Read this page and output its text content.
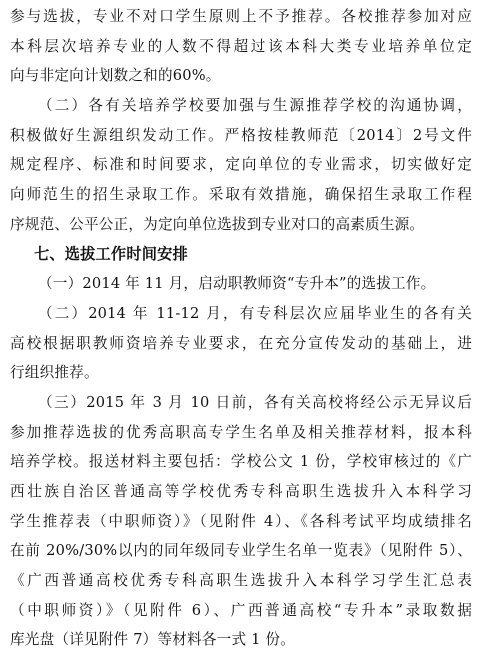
参与选拔，专业不对口学生原则上不予推荐。各校推荐参加对应
本科层次培养专业的人数不得超过该本科大类专业培养单位定
向与非定向计划数之和的60%。
（二）各有关培养学校要加强与生源推荐学校的沟通协调，
积极做好生源组织发动工作。严格按桂教师范〔2014〕2号文件
规定程序、标准和时间要求，定向单位的专业需求，切实做好定
向师范生的招生录取工作。采取有效措施，确保招生录取工作程
序规范、公平公正，为定向单位选拔到专业对口的高素质生源。
七、选拔工作时间安排
（一）2014 年 11 月，启动职教师资“专升本”的选拔工作。
（二）2014 年 11-12 月，有专科层次应届毕业生的各有关
高校根据职教师资培养专业要求，在充分宣传发动的基础上，进
行组织推荐。
（三）2015 年 3 月 10 日前，各有关高校将经公示无异议后
参加推荐选拔的优秀高职高专学生名单及相关推荐材料，报本科
培养学校。报送材料主要包括：学校公文 1 份，学校审核过的《广
西壮族自治区普通高等学校优秀专科高职生选拔升入本科学习
学生推荐表（中职师资）》（见附件 4）、《各科考试平均成绩排名
在前 20%/30%以内的同年级同专业学生名单一览表》（见附件 5）、
《广西普通高校优秀专科高职生选拔升入本科学习学生汇总表
（中职师资）》（见附件 6）、广西普通高校“专升本”录取数据
库光盘（详见附件 7）等材料各一式 1 份。
